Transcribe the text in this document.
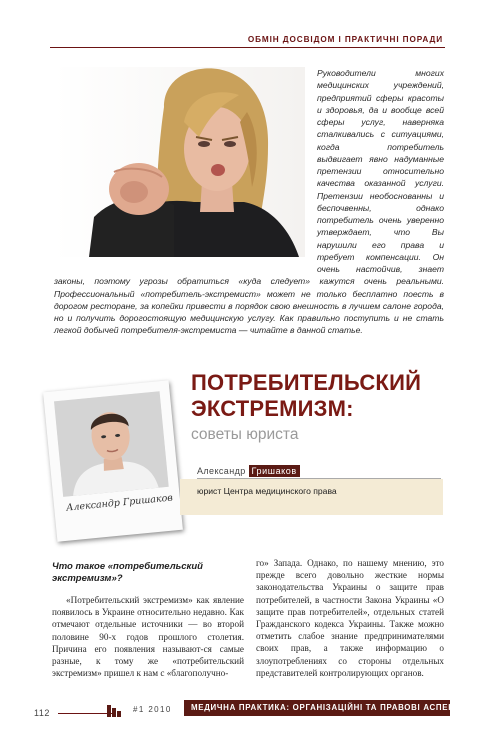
ОБМІН ДОСВІДОМ І ПРАКТИЧНІ ПОРАДИ

Руководители многих медицинских учреждений, предприятий сферы красоты и здоровья, да и вообще всей сферы услуг, наверняка сталкивались с ситуациями, когда потребитель выдвигает явно надуманные претензии относительно качества оказанной услуги. Претензии необоснованны и беспочвенны, однако потребитель очень уверенно утверждает, что Вы нарушили его права и требует компенсации. Он очень настойчив, знает законы, поэтому угрозы обратиться «куда следует» кажутся очень реальными. Профессиональный «потребитель-экстремист» может не только бесплатно поесть в дорогом ресторане, за копейки привести в порядок свою внешность в лучшем салоне города, но и получить дорогостоящую медицинскую услугу. Как правильно поступить и не стать легкой добычей потребителя-экстремиста — читайте в данной статье.

Александр Гришаков
ПОТРЕБИТЕЛЬСКИЙ ЭКСТРЕМИЗМ:
советы юриста
Александр Гришаков
юрист Центра медицинского права
Что такое «потребительский экстремизм»?

«Потребительский экстремизм» как явление появилось в Украине относительно недавно. Как отмечают отдельные источники — во второй половине 90-х годов прошлого столетия. Причина его появления называют-ся самые разные, к тому же «потребительский экстремизм» пришел к нам с «благополучно-

го» Запада. Однако, по нашему мнению, это прежде всего довольно жесткие нормы законодательства Украины о защите прав потребителей, в частности Закона Украины «О защите прав потребителей», отдельных статей Гражданского кодекса Украины. Также можно отметить слабое знание предпринимателями своих прав, а также информацию о злоупотреблениях со стороны отдельных представителей контролирующих органов.

112	#1 2010 МЕДИЧНА ПРАКТИКА: ОРГАНІЗАЦІЙНІ ТА ПРАВОВІ АСПЕКТИ
